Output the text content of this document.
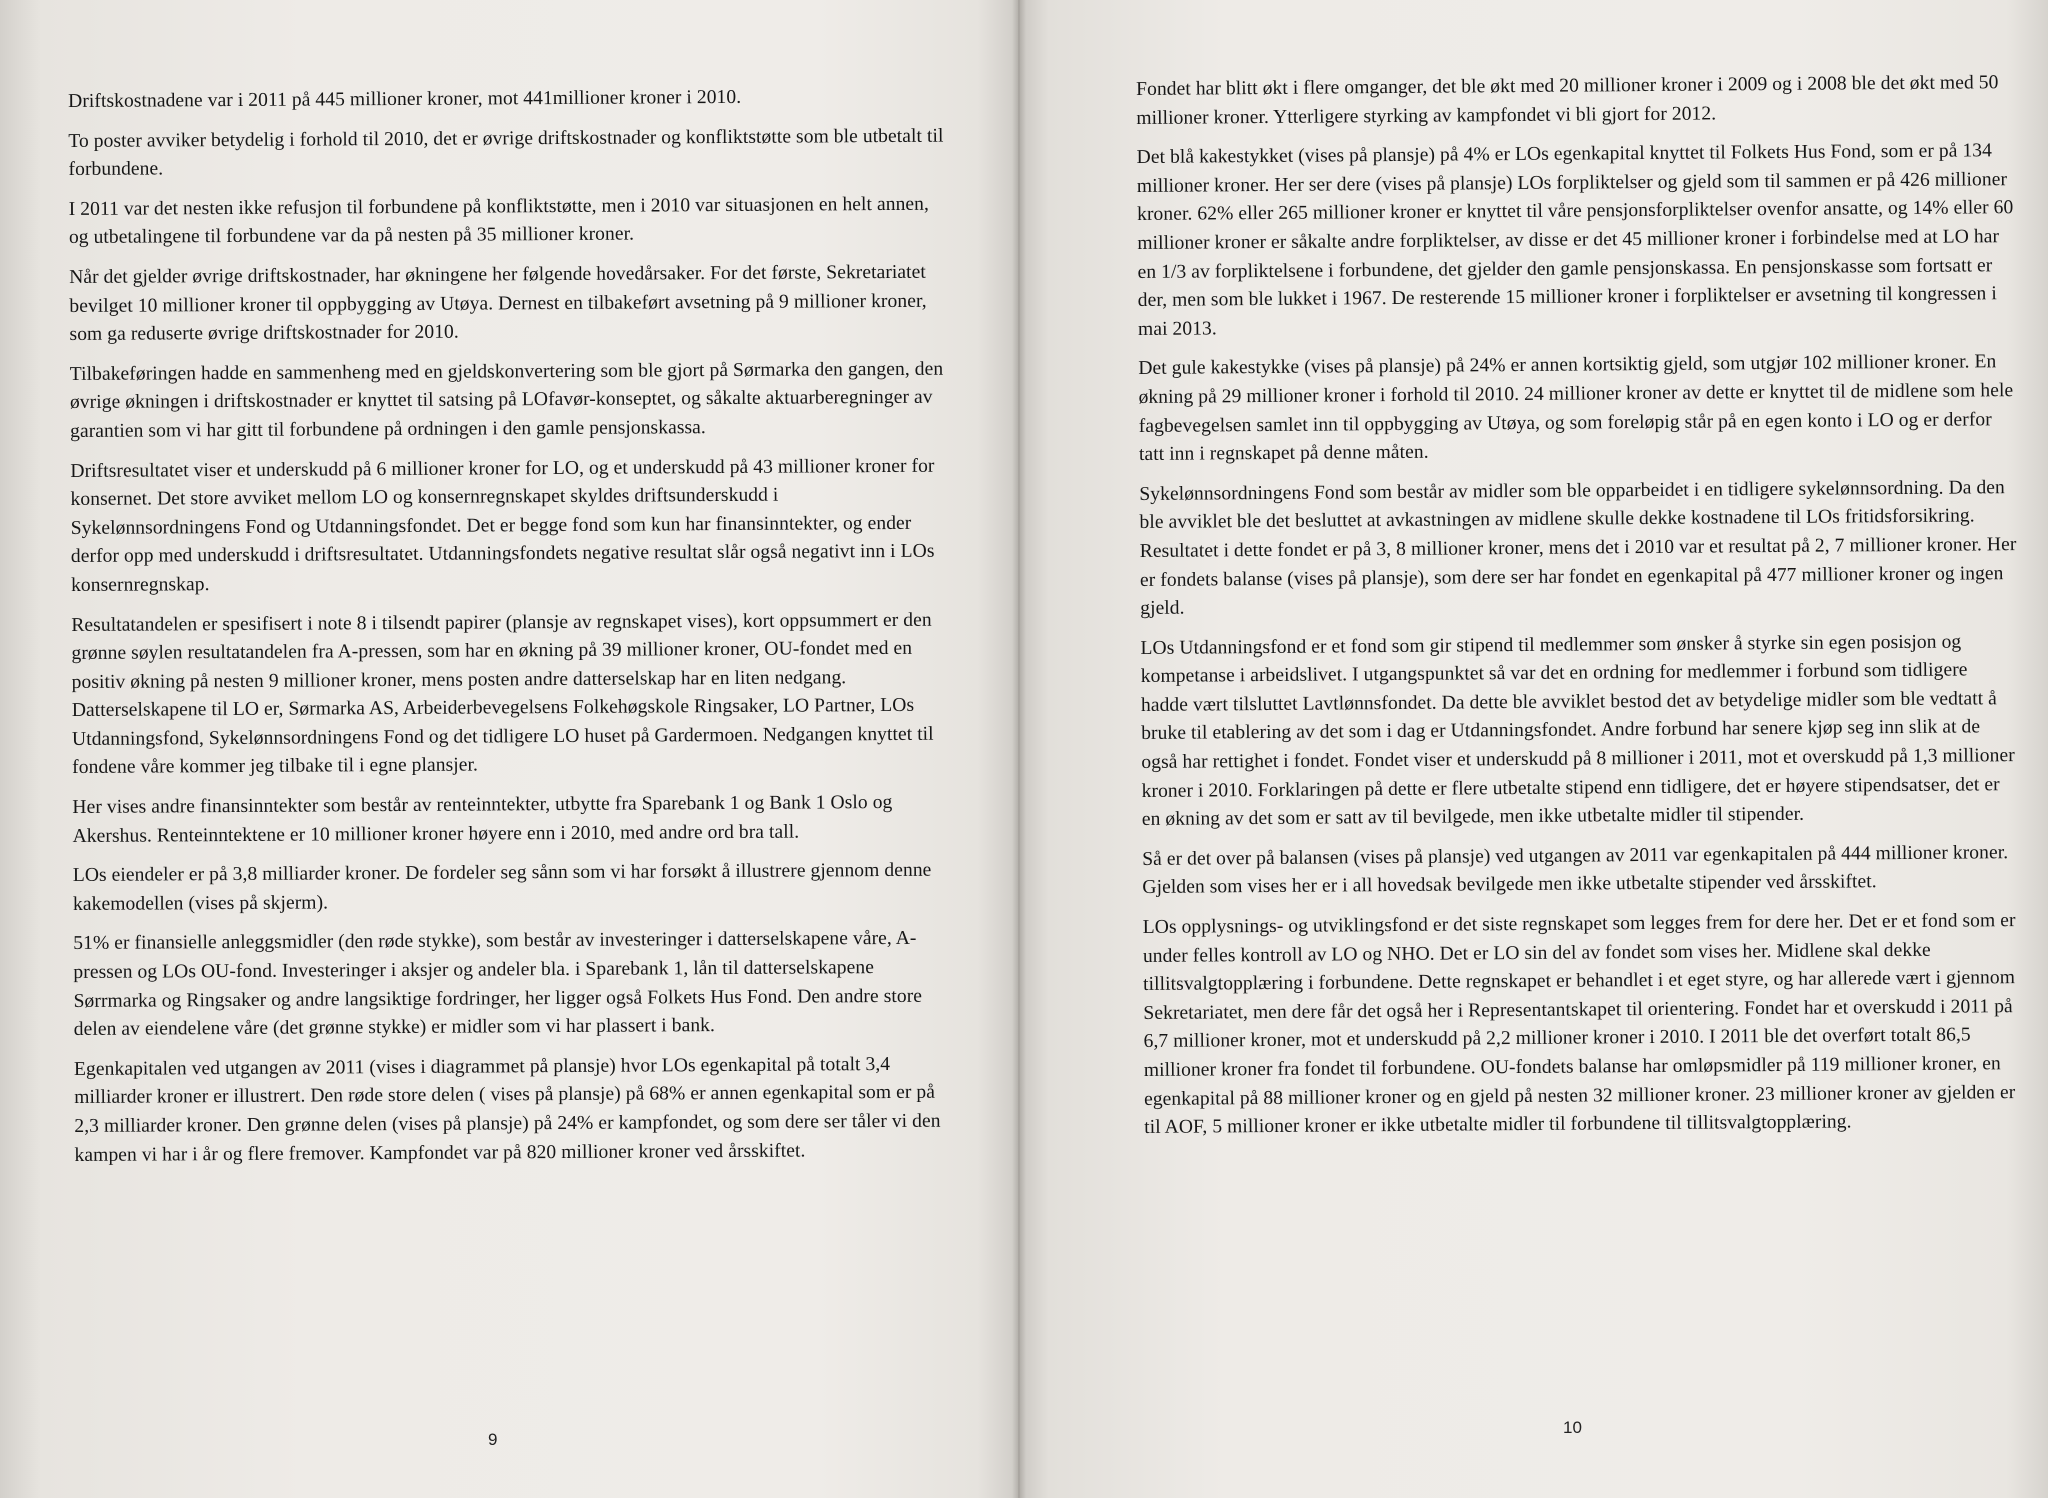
Driftskostnadene var i 2011 på 445 millioner kroner, mot 441millioner kroner i 2010.

To poster avviker betydelig i forhold til 2010, det er øvrige driftskostnader og konfliktstøtte som ble utbetalt til forbundene.

I 2011 var det nesten ikke refusjon til forbundene på konfliktstøtte, men i 2010 var situasjonen en helt annen, og utbetalingene til forbundene var da på nesten på 35 millioner kroner.

Når det gjelder øvrige driftskostnader, har økningene her følgende hovedårsaker. For det første, Sekretariatet bevilget 10 millioner kroner til oppbygging av Utøya. Dernest en tilbakeført avsetning på 9 millioner kroner, som ga reduserte øvrige driftskostnader for 2010.

Tilbakeføringen hadde en sammenheng med en gjeldskonvertering som ble gjort på Sørmarka den gangen, den øvrige økningen i driftskostnader er knyttet til satsing på LOfavør-konseptet, og såkalte aktuarberegninger av garantien som vi har gitt til forbundene på ordningen i den gamle pensjonskassa.

Driftsresultatet viser et underskudd på 6 millioner kroner for LO, og et underskudd på 43 millioner kroner for konsernet. Det store avviket mellom LO og konsernregnskapet skyldes driftsunderskudd i Sykelønnsordningens Fond og Utdanningsfondet. Det er begge fond som kun har finansinntekter, og ender derfor opp med underskudd i driftsresultatet. Utdanningsfondets negative resultat slår også negativt inn i LOs konsernregnskap.

Resultatandelen er spesifisert i note 8 i tilsendt papirer (plansje av regnskapet vises), kort oppsummert er den grønne søylen resultatandelen fra A-pressen, som har en økning på 39 millioner kroner, OU-fondet med en positiv økning på nesten 9 millioner kroner, mens posten andre datterselskap har en liten nedgang. Datterselskapene til LO er, Sørmarka AS, Arbeiderbevegelsens Folkehøgskole Ringsaker, LO Partner, LOs Utdanningsfond, Sykelønnsordningens Fond og det tidligere LO huset på Gardermoen. Nedgangen knyttet til fondene våre kommer jeg tilbake til i egne plansjer.

Her vises andre finansinntekter som består av renteinntekter, utbytte fra Sparebank 1 og Bank 1 Oslo og Akershus. Renteinntektene er 10 millioner kroner høyere enn i 2010, med andre ord bra tall.

LOs eiendeler er på 3,8 milliarder kroner. De fordeler seg sånn som vi har forsøkt å illustrere gjennom denne kakemodellen (vises på skjerm).

51% er finansielle anleggsmidler (den røde stykke), som består av investeringer i datterselskapene våre, A-pressen og LOs OU-fond. Investeringer i aksjer og andeler bla. i Sparebank 1, lån til datterselskapene Sørrmarka og Ringsaker og andre langsiktige fordringer, her ligger også Folkets Hus Fond. Den andre store delen av eiendelene våre (det grønne stykke) er midler som vi har plassert i bank.

Egenkapitalen ved utgangen av 2011 (vises i diagrammet på plansje) hvor LOs egenkapital på totalt 3,4 milliarder kroner er illustrert. Den røde store delen ( vises på plansje) på 68% er annen egenkapital som er på 2,3 milliarder kroner. Den grønne delen (vises på plansje) på 24% er kampfondet, og som dere ser tåler vi den kampen vi har i år og flere fremover. Kampfondet var på 820 millioner kroner ved årsskiftet.

9

Fondet har blitt økt i flere omganger, det ble økt med 20 millioner kroner i 2009 og i 2008 ble det økt med 50 millioner kroner. Ytterligere styrking av kampfondet vi bli gjort for 2012.

Det blå kakestykket (vises på plansje) på 4% er LOs egenkapital knyttet til Folkets Hus Fond, som er på 134 millioner kroner. Her ser dere (vises på plansje) LOs forpliktelser og gjeld som til sammen er på 426 millioner kroner. 62% eller 265 millioner kroner er knyttet til våre pensjonsforpliktelser ovenfor ansatte, og 14% eller 60 millioner kroner er såkalte andre forpliktelser, av disse er det 45 millioner kroner i forbindelse med at LO har en 1/3 av forpliktelsene i forbundene, det gjelder den gamle pensjonskassa. En pensjonskasse som fortsatt er der, men som ble lukket i 1967. De resterende 15 millioner kroner i forpliktelser er avsetning til kongressen i mai 2013.

Det gule kakestykke (vises på plansje) på 24% er annen kortsiktig gjeld, som utgjør 102 millioner kroner. En økning på 29 millioner kroner i forhold til 2010. 24 millioner kroner av dette er knyttet til de midlene som hele fagbevegelsen samlet inn til oppbygging av Utøya, og som foreløpig står på en egen konto i LO og er derfor tatt inn i regnskapet på denne måten.

Sykelønnsordningens Fond som består av midler som ble opparbeidet i en tidligere sykelønnsordning. Da den ble avviklet ble det besluttet at avkastningen av midlene skulle dekke kostnadene til LOs fritidsforsikring. Resultatet i dette fondet er på 3, 8 millioner kroner, mens det i 2010 var et resultat på 2, 7 millioner kroner. Her er fondets balanse (vises på plansje), som dere ser har fondet en egenkapital på 477 millioner kroner og ingen gjeld.

LOs Utdanningsfond er et fond som gir stipend til medlemmer som ønsker å styrke sin egen posisjon og kompetanse i arbeidslivet. I utgangspunktet så var det en ordning for medlemmer i forbund som tidligere hadde vært tilsluttet Lavtlønnsfondet. Da dette ble avviklet bestod det av betydelige midler som ble vedtatt å bruke til etablering av det som i dag er Utdanningsfondet. Andre forbund har senere kjøp seg inn slik at de også har rettighet i fondet. Fondet viser et underskudd på 8 millioner i 2011, mot et overskudd på 1,3 millioner kroner i 2010. Forklaringen på dette er flere utbetalte stipend enn tidligere, det er høyere stipendsatser, det er en økning av det som er satt av til bevilgede, men ikke utbetalte midler til stipender.

Så er det over på balansen (vises på plansje) ved utgangen av 2011 var egenkapitalen på 444 millioner kroner. Gjelden som vises her er i all hovedsak bevilgede men ikke utbetalte stipender ved årsskiftet.

LOs opplysnings- og utviklingsfond er det siste regnskapet som legges frem for dere her. Det er et fond som er under felles kontroll av LO og NHO. Det er LO sin del av fondet som vises her. Midlene skal dekke tillitsvalgtopplæring i forbundene. Dette regnskapet er behandlet i et eget styre, og har allerede vært i gjennom Sekretariatet, men dere får det også her i Representantskapet til orientering. Fondet har et overskudd i 2011 på 6,7 millioner kroner, mot et underskudd på 2,2 millioner kroner i 2010. I 2011 ble det overført totalt 86,5 millioner kroner fra fondet til forbundene. OU-fondets balanse har omløpsmidler på 119 millioner kroner, en egenkapital på 88 millioner kroner og en gjeld på nesten 32 millioner kroner. 23 millioner kroner av gjelden er til AOF, 5 millioner kroner er ikke utbetalte midler til forbundene til tillitsvalgtopplæring.

10
